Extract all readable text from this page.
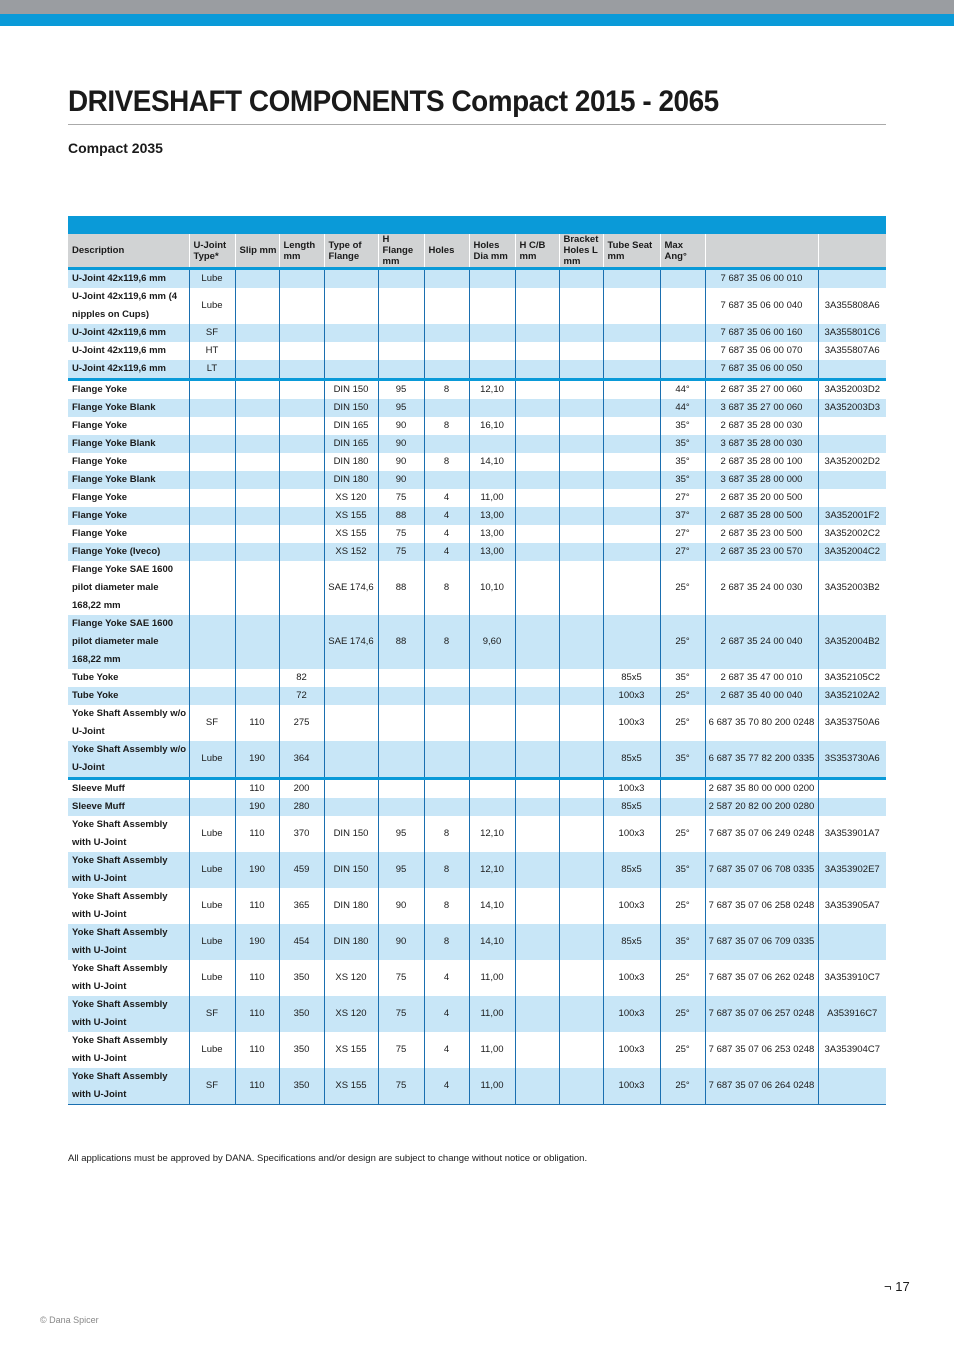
DRIVESHAFT COMPONENTS Compact 2015 - 2065
Compact 2035
Description	U-Joint Type*	Slip mm	Length mm	Type of Flange	H Flange mm	Holes	Holes Dia mm	H C/B mm	Bracket Holes L mm	Tube Seat mm	Max Ang°		
U-Joint 42x119,6 mm	Lube											7 687 35 06 00 010	
U-Joint 42x119,6 mm (4 nipples on Cups)	Lube											7 687 35 06 00 040	3A355808A6
U-Joint 42x119,6 mm	SF											7 687 35 06 00 160	3A355801C6
U-Joint 42x119,6 mm	HT											7 687 35 06 00 070	3A355807A6
U-Joint 42x119,6 mm	LT											7 687 35 06 00 050	
Flange Yoke				DIN 150	95	8	12,10				44°	2 687 35 27 00 060	3A352003D2
Flange Yoke Blank				DIN 150	95						44°	3 687 35 27 00 060	3A352003D3
Flange Yoke				DIN 165	90	8	16,10				35°	2 687 35 28 00 030	
Flange Yoke Blank				DIN 165	90						35°	3 687 35 28 00 030	
Flange Yoke				DIN 180	90	8	14,10				35°	2 687 35 28 00 100	3A352002D2
Flange Yoke Blank				DIN 180	90						35°	3 687 35 28 00 000	
Flange Yoke				XS 120	75	4	11,00				27°	2 687 35 20 00 500	
Flange Yoke				XS 155	88	4	13,00				37°	2 687 35 28 00 500	3A352001F2
Flange Yoke				XS 155	75	4	13,00				27°	2 687 35 23 00 500	3A352002C2
Flange Yoke (Iveco)				XS 152	75	4	13,00				27°	2 687 35 23 00 570	3A352004C2
Flange Yoke SAE 1600 pilot diameter male 168,22 mm				SAE 174,6	88	8	10,10				25°	2 687 35 24 00 030	3A352003B2
Flange Yoke SAE 1600 pilot diameter male 168,22 mm				SAE 174,6	88	8	9,60				25°	2 687 35 24 00 040	3A352004B2
Tube Yoke			82							85x5	35°	2 687 35 47 00 010	3A352105C2
Tube Yoke			72							100x3	25°	2 687 35 40 00 040	3A352102A2
Yoke Shaft Assembly w/o U-Joint	SF	110	275							100x3	25°	6 687 35 70 80 200 0248	3A353750A6
Yoke Shaft Assembly w/o U-Joint	Lube	190	364							85x5	35°	6 687 35 77 82 200 0335	3S353730A6
Sleeve Muff		110	200							100x3		2 687 35 80 00 000 0200	
Sleeve Muff		190	280							85x5		2 587 20 82 00 200 0280	
Yoke Shaft Assembly with U-Joint	Lube	110	370	DIN 150	95	8	12,10			100x3	25°	7 687 35 07 06 249 0248	3A353901A7
Yoke Shaft Assembly with U-Joint	Lube	190	459	DIN 150	95	8	12,10			85x5	35°	7 687 35 07 06 708 0335	3A353902E7
Yoke Shaft Assembly with U-Joint	Lube	110	365	DIN 180	90	8	14,10			100x3	25°	7 687 35 07 06 258 0248	3A353905A7
Yoke Shaft Assembly with U-Joint	Lube	190	454	DIN 180	90	8	14,10			85x5	35°	7 687 35 07 06 709 0335	
Yoke Shaft Assembly with U-Joint	Lube	110	350	XS 120	75	4	11,00			100x3	25°	7 687 35 07 06 262 0248	3A353910C7
Yoke Shaft Assembly with U-Joint	SF	110	350	XS 120	75	4	11,00			100x3	25°	7 687 35 07 06 257 0248	A353916C7
Yoke Shaft Assembly with U-Joint	Lube	110	350	XS 155	75	4	11,00			100x3	25°	7 687 35 07 06 253 0248	3A353904C7
Yoke Shaft Assembly with U-Joint	SF	110	350	XS 155	75	4	11,00			100x3	25°	7 687 35 07 06 264 0248	
All applications must be approved by DANA. Specifications and/or design are subject to change without notice or obligation.
¬ 17
© Dana Spicer
